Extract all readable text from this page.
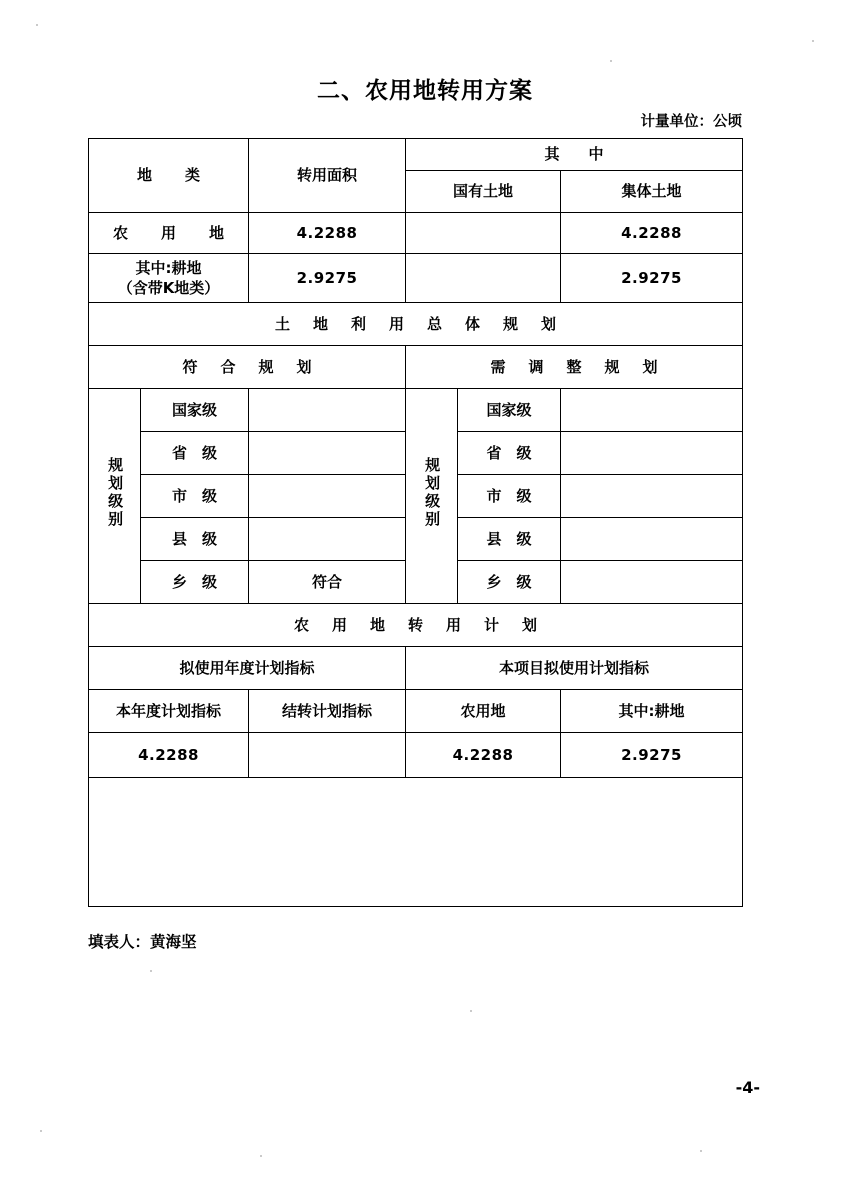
二、农用地转用方案
计量单位：公顷
地　类		转用面积	其　中		
			国有土地		集体土地
农　用　地		4.2288			4.2288

其中:耕地
（含带K地类）		2.9275			2.9275
土　地　利　用　总　体　规　划					
符　合　规　划			需　调　整　规　划		
规划级别	国家级		规划级别	国家级	
	省　级			省　级	
	市　级			市　级	
	县　级			县　级	
	乡　级	符合		乡　级	
农　用　地　转　用　计　划					
拟使用年度计划指标			本项目拟使用计划指标		
本年度计划指标		结转计划指标	农用地		其中:耕地
4.2288			4.2288		2.9275

填表人：黄海坚
-4-
